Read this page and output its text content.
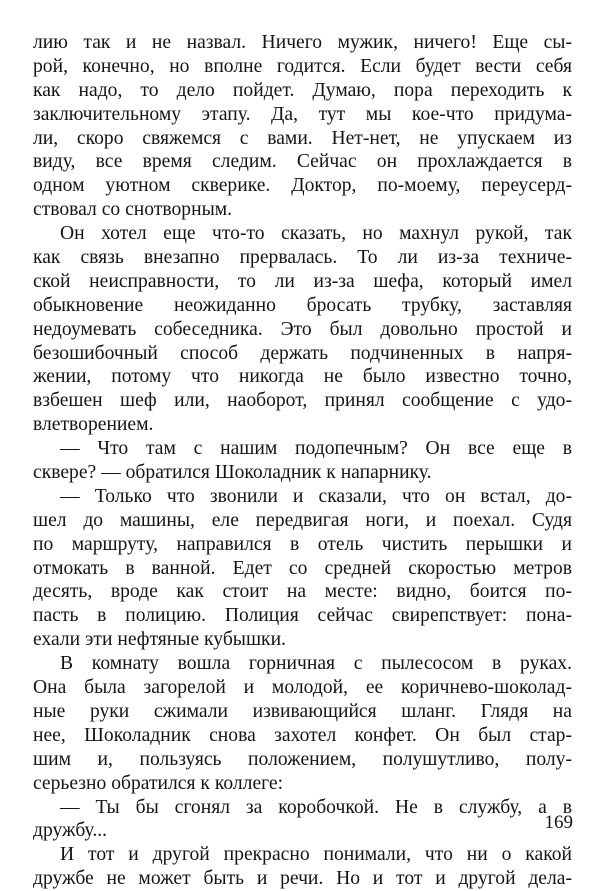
лию так и не назвал. Ничего мужик, ничего! Еще сы-
рой, конечно, но вполне годится. Если будет вести себя
как надо, то дело пойдет. Думаю, пора переходить к
заключительному этапу. Да, тут мы кое-что придума-
ли, скоро свяжемся с вами. Нет-нет, не упускаем из
виду, все время следим. Сейчас он прохлаждается в
одном уютном скверике. Доктор, по-моему, переусерд-
ствовал со снотворным.
Он хотел еще что-то сказать, но махнул рукой, так
как связь внезапно прервалась. То ли из-за техниче-
ской неисправности, то ли из-за шефа, который имел
обыкновение неожиданно бросать трубку, заставляя
недоумевать собеседника. Это был довольно простой и
безошибочный способ держать подчиненных в напря-
жении, потому что никогда не было известно точно,
взбешен шеф или, наоборот, принял сообщение с удо-
влетворением.
— Что там с нашим подопечным? Он все еще в
сквере? — обратился Шоколадник к напарнику.
— Только что звонили и сказали, что он встал, до-
шел до машины, еле передвигая ноги, и поехал. Судя
по маршруту, направился в отель чистить перышки и
отмокать в ванной. Едет со средней скоростью метров
десять, вроде как стоит на месте: видно, боится по-
пасть в полицию. Полиция сейчас свирепствует: пона-
ехали эти нефтяные кубышки.
В комнату вошла горничная с пылесосом в руках.
Она была загорелой и молодой, ее коричнево-шоколад-
ные руки сжимали извивающийся шланг. Глядя на
нее, Шоколадник снова захотел конфет. Он был стар-
шим и, пользуясь положением, полушутливо, полу-
серьезно обратился к коллеге:
— Ты бы сгонял за коробочкой. Не в службу, а в
дружбу...
И тот и другой прекрасно понимали, что ни о какой
дружбе не может быть и речи. Но и тот и другой дела-
169
